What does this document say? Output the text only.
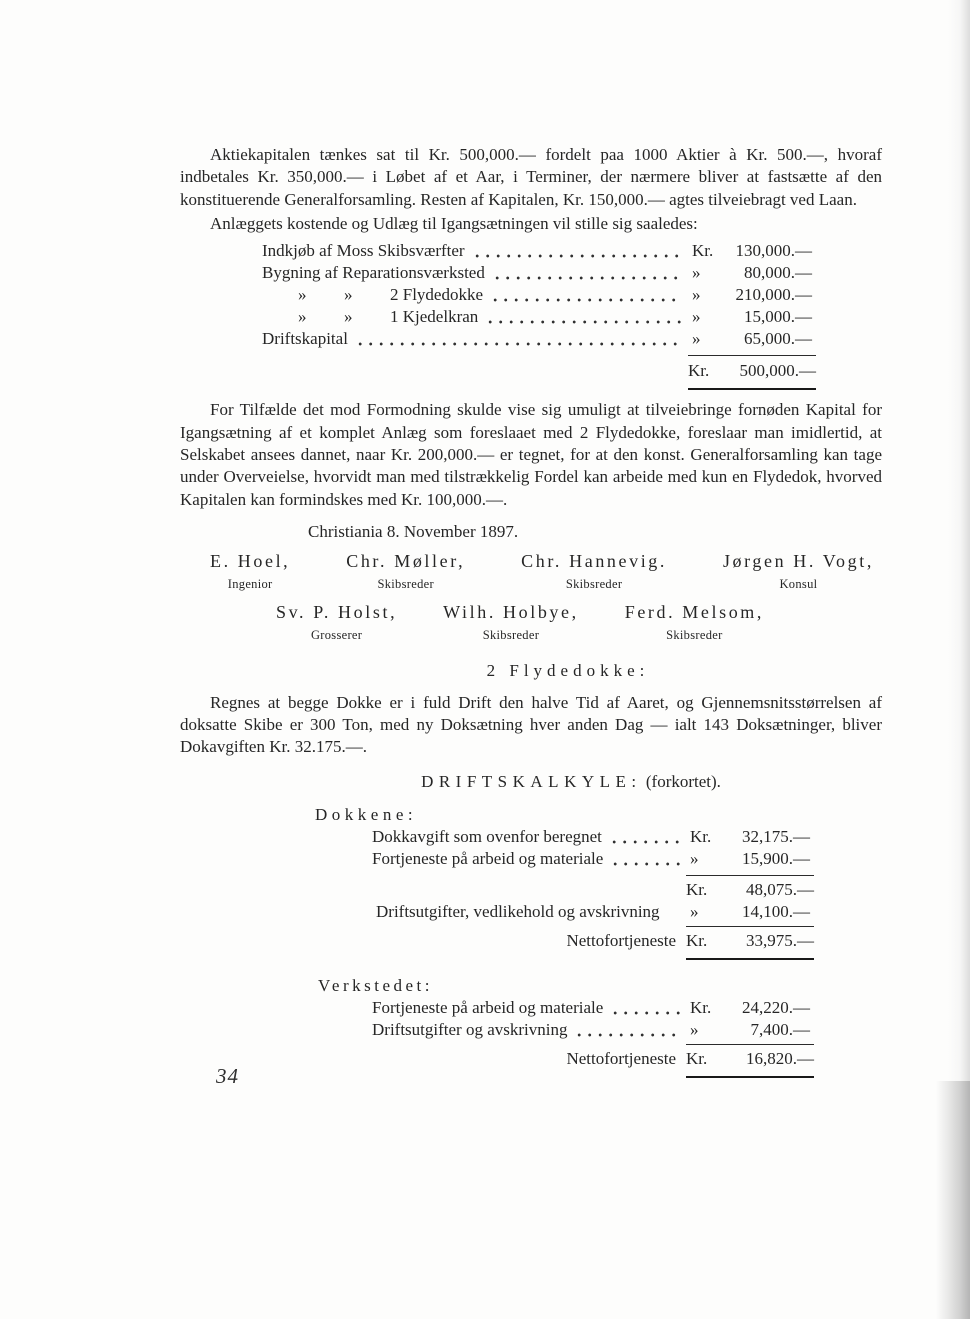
Aktiekapitalen tænkes sat til Kr. 500,000.— fordelt paa 1000 Aktier à Kr. 500.—, hvoraf indbetales Kr. 350,000.— i Løbet af et Aar, i Terminer, der nærmere bliver at fastsætte af den konstituerende Generalforsamling. Resten af Kapitalen, Kr. 150,000.— agtes tilveiebragt ved Laan.

Anlæggets kostende og Udlæg til Igangsætningen vil stille sig saaledes:

Indkjøb af Moss Skibsværfter	Kr.	130,000.—
Bygning af Reparationsværksted	»	80,000.—
» » 2 Flydedokke	»	210,000.—
» » 1 Kjedelkran	»	15,000.—
Driftskapital	»	65,000.—
Kr.	500,000.—

For Tilfælde det mod Formodning skulde vise sig umuligt at tilveiebringe fornøden Kapital for Igangsætning af et komplet Anlæg som foreslaaet med 2 Flydedokke, foreslaar man imidlertid, at Selskabet ansees dannet, naar Kr. 200,000.— er tegnet, for at den konst. Generalforsamling kan tage under Overveielse, hvorvidt man med tilstrækkelig Fordel kan arbeide med kun en Flydedok, hvorved Kapitalen kan formindskes med Kr. 100,000.—.

Christiania 8. November 1897.

E. Hoel,
Ingenior
Chr. Møller,
Skibsreder
Chr. Hannevig.
Skibsreder
Jørgen H. Vogt,
Konsul
Sv. P. Holst,
Grosserer
Wilh. Holbye,
Skibsreder
Ferd. Melsom,
Skibsreder
2 Flydedokke:

Regnes at begge Dokke er i fuld Drift den halve Tid af Aaret, og Gjennemsnitsstørrelsen af doksatte Skibe er 300 Ton, med ny Doksætning hver anden Dag — ialt 143 Doksætninger, bliver Dokavgiften Kr. 32.175.—.

DRIFTSKALKYLE: (forkortet).
Dokkene:
Dokkavgift som ovenfor beregnet	Kr.	32,175.—
Fortjeneste på arbeid og materiale	»	15,900.—
Kr.	48,075.—
Driftsutgifter, vedlikehold og avskrivning »	14,100.—
Nettofortjeneste Kr.	33,975.—
Verkstedet:
Fortjeneste på arbeid og materiale	Kr.	24,220.—
Driftsutgifter og avskrivning	»	7,400.—
Nettofortjeneste Kr.	16,820.—
34
